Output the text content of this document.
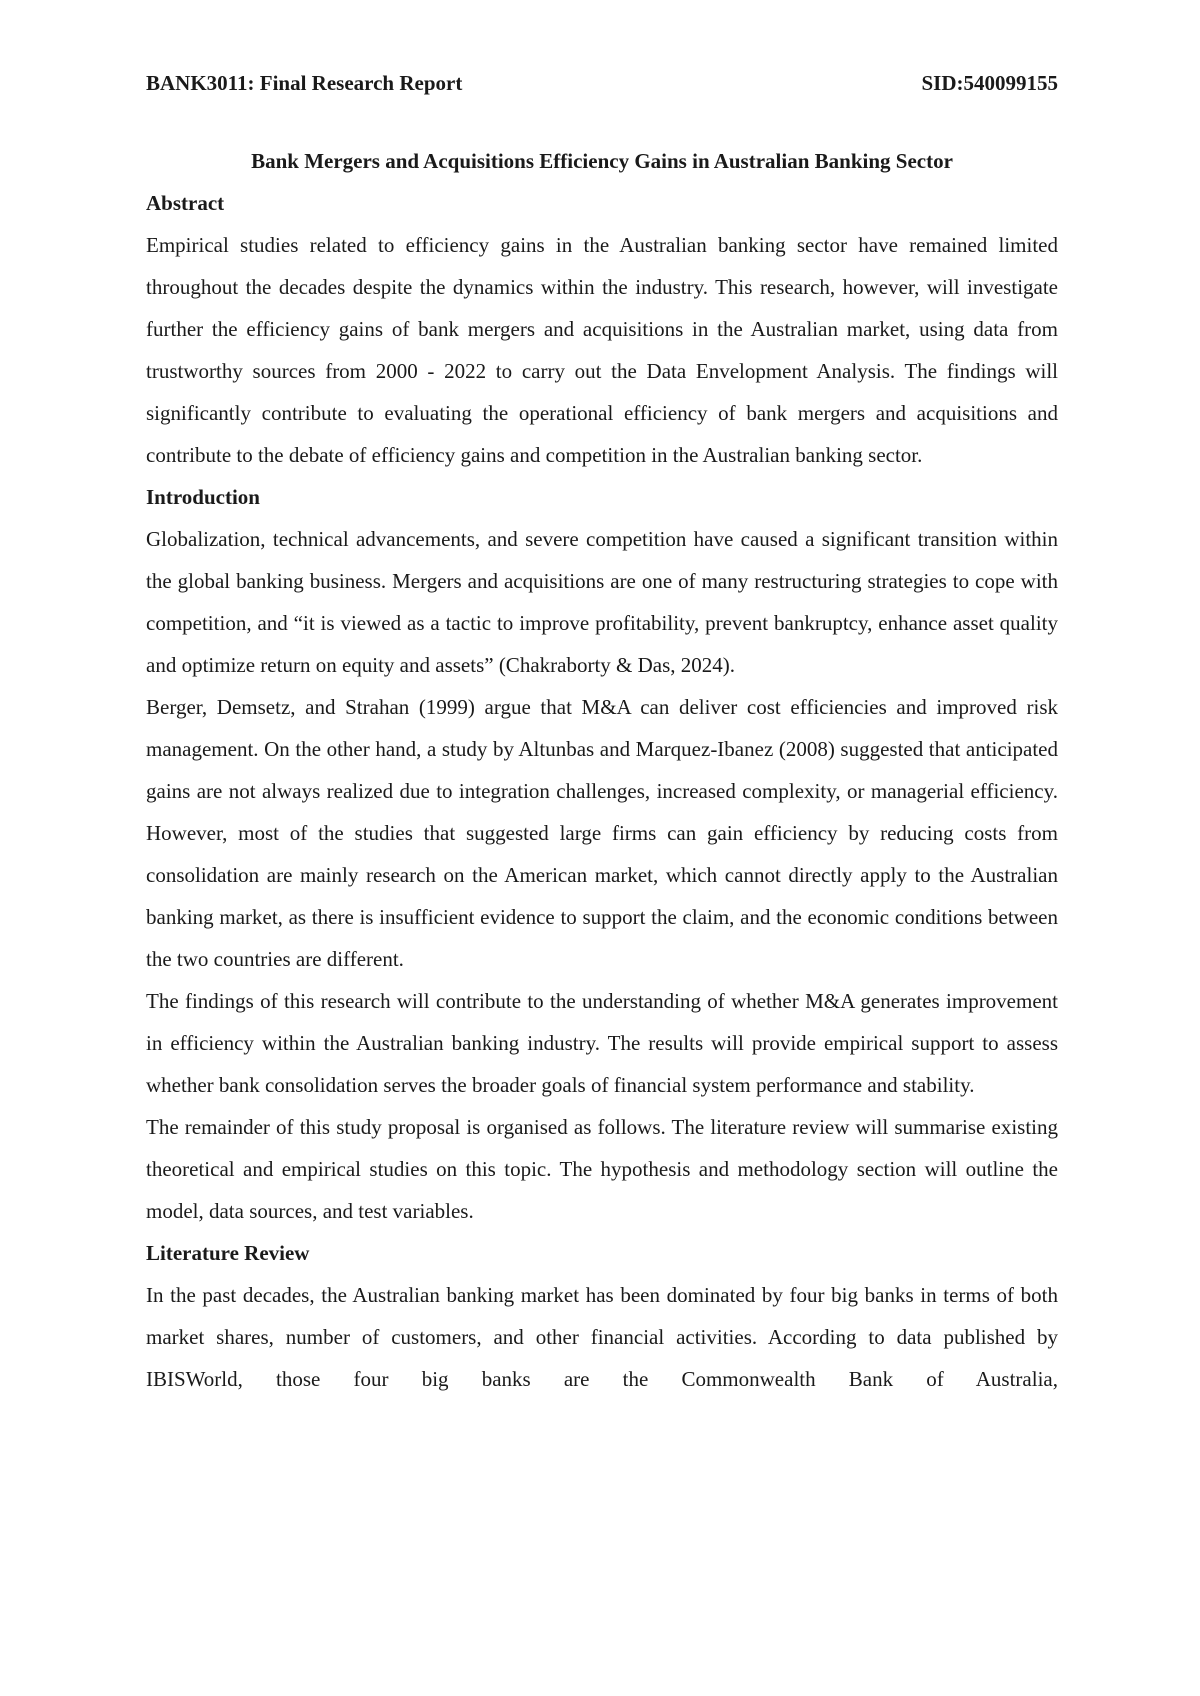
BANK3011: Final Research Report	SID:540099155
Bank Mergers and Acquisitions Efficiency Gains in Australian Banking Sector
Abstract

Empirical studies related to efficiency gains in the Australian banking sector have remained limited throughout the decades despite the dynamics within the industry. This research, however, will investigate further the efficiency gains of bank mergers and acquisitions in the Australian market, using data from trustworthy sources from 2000 - 2022 to carry out the Data Envelopment Analysis. The findings will significantly contribute to evaluating the operational efficiency of bank mergers and acquisitions and contribute to the debate of efficiency gains and competition in the Australian banking sector.

Introduction

Globalization, technical advancements, and severe competition have caused a significant transition within the global banking business. Mergers and acquisitions are one of many restructuring strategies to cope with competition, and “it is viewed as a tactic to improve profitability, prevent bankruptcy, enhance asset quality and optimize return on equity and assets” (Chakraborty & Das, 2024).

Berger, Demsetz, and Strahan (1999) argue that M&A can deliver cost efficiencies and improved risk management. On the other hand, a study by Altunbas and Marquez-Ibanez (2008) suggested that anticipated gains are not always realized due to integration challenges, increased complexity, or managerial efficiency. However, most of the studies that suggested large firms can gain efficiency by reducing costs from consolidation are mainly research on the American market, which cannot directly apply to the Australian banking market, as there is insufficient evidence to support the claim, and the economic conditions between the two countries are different.

The findings of this research will contribute to the understanding of whether M&A generates improvement in efficiency within the Australian banking industry. The results will provide empirical support to assess whether bank consolidation serves the broader goals of financial system performance and stability.

The remainder of this study proposal is organised as follows. The literature review will summarise existing theoretical and empirical studies on this topic. The hypothesis and methodology section will outline the model, data sources, and test variables.

Literature Review

In the past decades, the Australian banking market has been dominated by four big banks in terms of both market shares, number of customers, and other financial activities. According to data published by IBISWorld, those four big banks are the Commonwealth Bank of Australia,
